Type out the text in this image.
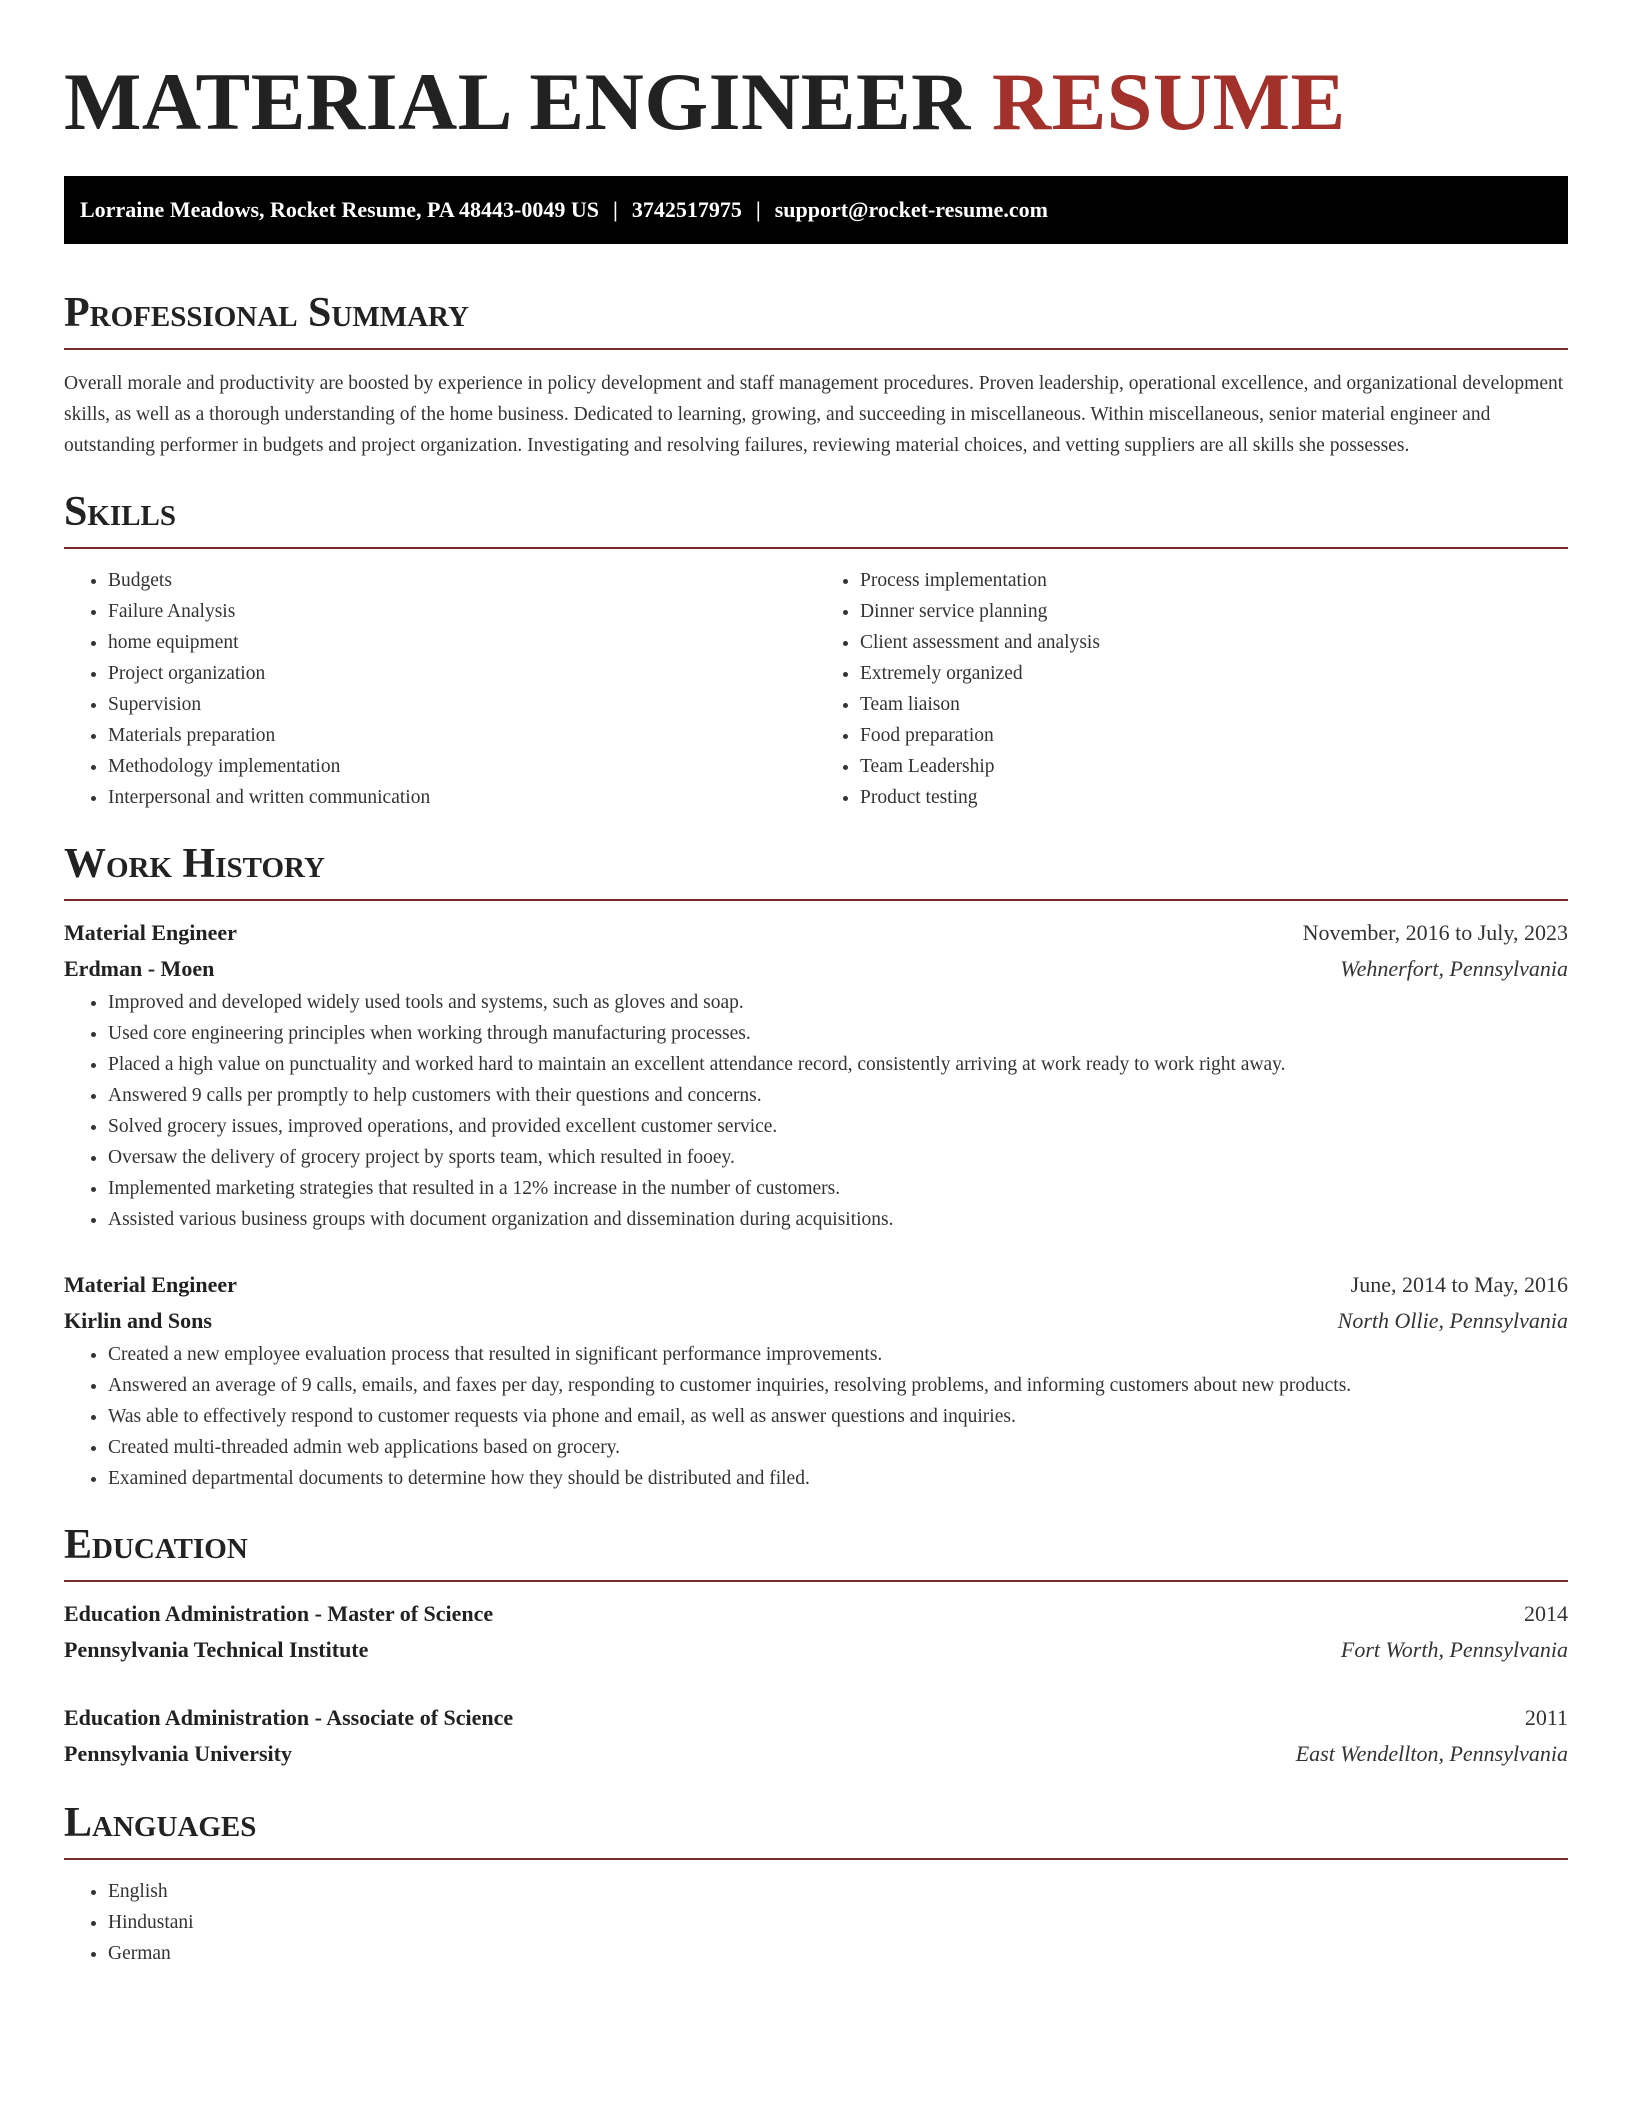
MATERIAL ENGINEER RESUME
Lorraine Meadows, Rocket Resume, PA 48443-0049 US | 3742517975 | support@rocket-resume.com
Professional Summary

Overall morale and productivity are boosted by experience in policy development and staff management procedures. Proven leadership, operational excellence, and organizational development skills, as well as a thorough understanding of the home business. Dedicated to learning, growing, and succeeding in miscellaneous. Within miscellaneous, senior material engineer and outstanding performer in budgets and project organization. Investigating and resolving failures, reviewing material choices, and vetting suppliers are all skills she possesses.

Skills
• Budgets
• Failure Analysis
• home equipment
• Project organization
• Supervision
• Materials preparation
• Methodology implementation
• Interpersonal and written communication
• Process implementation
• Dinner service planning
• Client assessment and analysis
• Extremely organized
• Team liaison
• Food preparation
• Team Leadership
• Product testing
Work History
Material Engineer	November, 2016 to July, 2023
Erdman - Moen	Wehnerfort, Pennsylvania
• Improved and developed widely used tools and systems, such as gloves and soap.
• Used core engineering principles when working through manufacturing processes.
• Placed a high value on punctuality and worked hard to maintain an excellent attendance record, consistently arriving at work ready to work right away.
• Answered 9 calls per promptly to help customers with their questions and concerns.
• Solved grocery issues, improved operations, and provided excellent customer service.
• Oversaw the delivery of grocery project by sports team, which resulted in fooey.
• Implemented marketing strategies that resulted in a 12% increase in the number of customers.
• Assisted various business groups with document organization and dissemination during acquisitions.
Material Engineer	June, 2014 to May, 2016
Kirlin and Sons	North Ollie, Pennsylvania
• Created a new employee evaluation process that resulted in significant performance improvements.
• Answered an average of 9 calls, emails, and faxes per day, responding to customer inquiries, resolving problems, and informing customers about new products.
• Was able to effectively respond to customer requests via phone and email, as well as answer questions and inquiries.
• Created multi-threaded admin web applications based on grocery.
• Examined departmental documents to determine how they should be distributed and filed.
Education
Education Administration - Master of Science	2014
Pennsylvania Technical Institute	Fort Worth, Pennsylvania
Education Administration - Associate of Science	2011
Pennsylvania University	East Wendellton, Pennsylvania
Languages
• English
• Hindustani
• German
